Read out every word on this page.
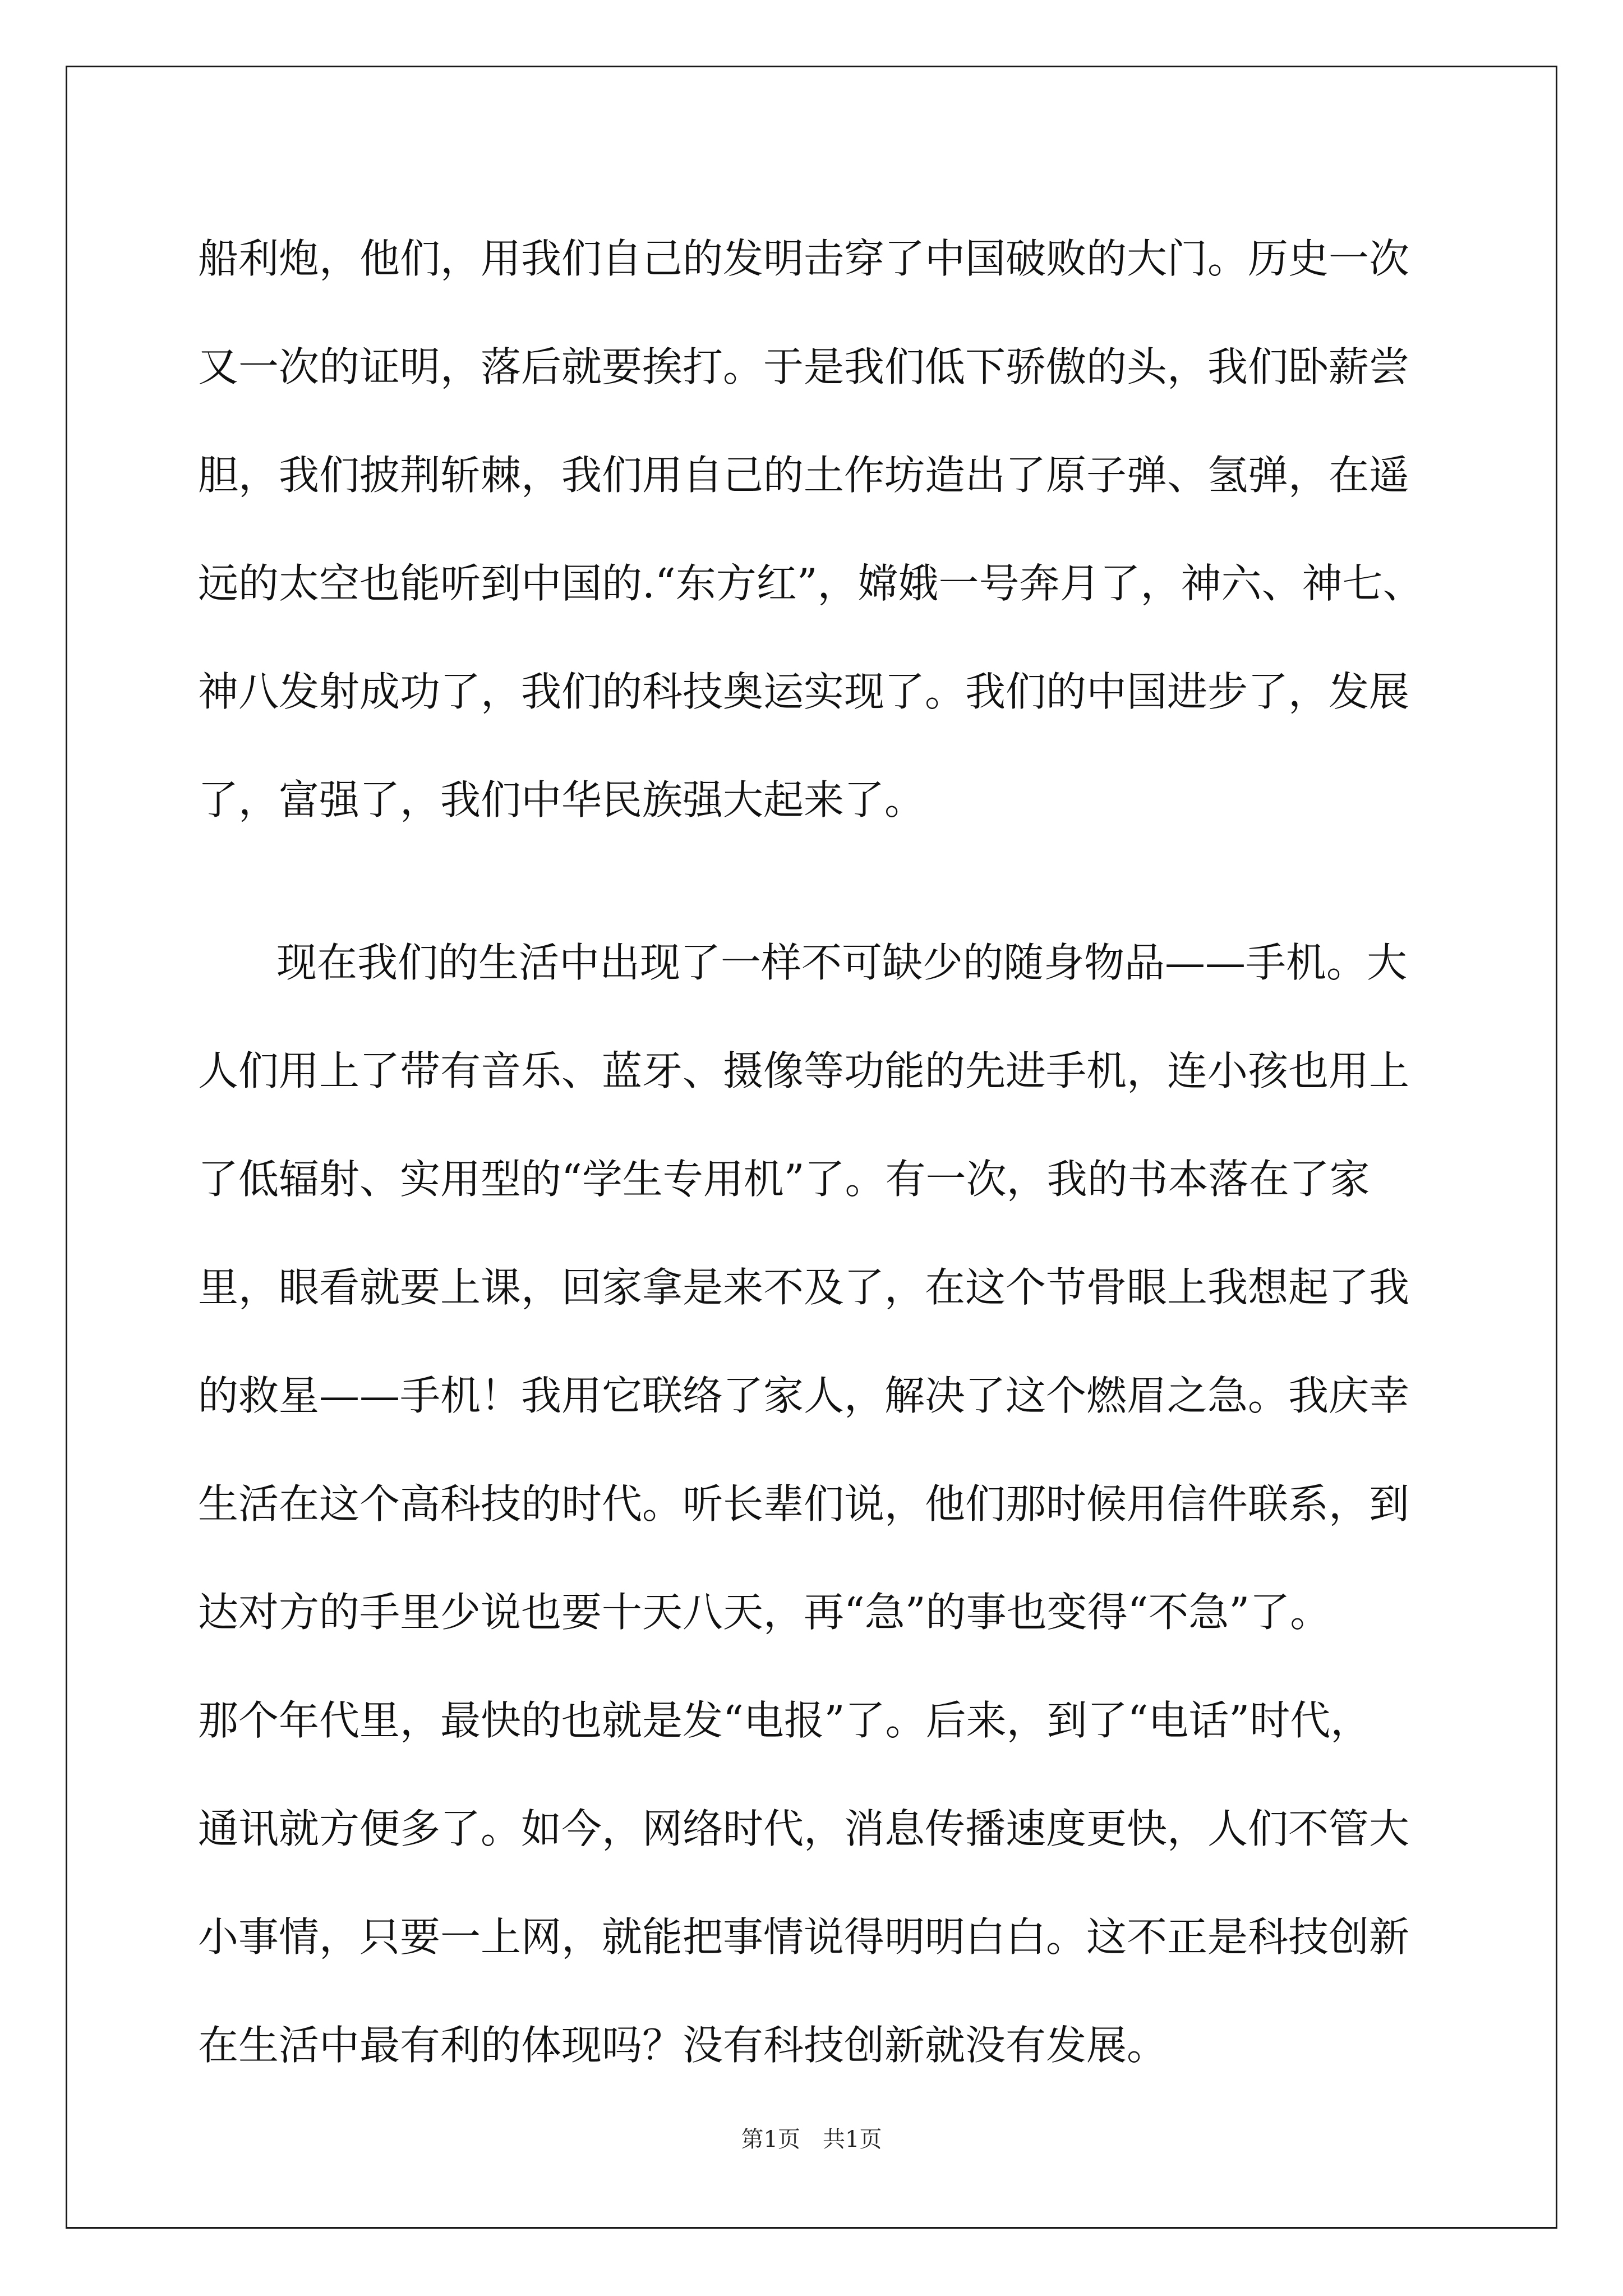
船利炮，他们，用我们自己的发明击穿了中国破败的大门。历史一次
又一次的证明，落后就要挨打。于是我们低下骄傲的头，我们卧薪尝
胆，我们披荆斩棘，我们用自己的土作坊造出了原子弹、氢弹，在遥
远的太空也能听到中国的.“东方红”，嫦娥一号奔月了，神六、神七、
神八发射成功了，我们的科技奥运实现了。我们的中国进步了，发展
了，富强了，我们中华民族强大起来了。
现在我们的生活中出现了一样不可缺少的随身物品——手机。大
人们用上了带有音乐、蓝牙、摄像等功能的先进手机，连小孩也用上
了低辐射、实用型的“学生专用机”了。有一次，我的书本落在了家
里，眼看就要上课，回家拿是来不及了，在这个节骨眼上我想起了我
的救星——手机！我用它联络了家人，解决了这个燃眉之急。我庆幸
生活在这个高科技的时代。听长辈们说，他们那时候用信件联系，到
达对方的手里少说也要十天八天，再“急”的事也变得“不急”了。
那个年代里，最快的也就是发“电报”了。后来，到了“电话”时代，
通讯就方便多了。如今，网络时代，消息传播速度更快，人们不管大
小事情，只要一上网，就能把事情说得明明白白。这不正是科技创新
在生活中最有利的体现吗？没有科技创新就没有发展。
第1页　共1页
